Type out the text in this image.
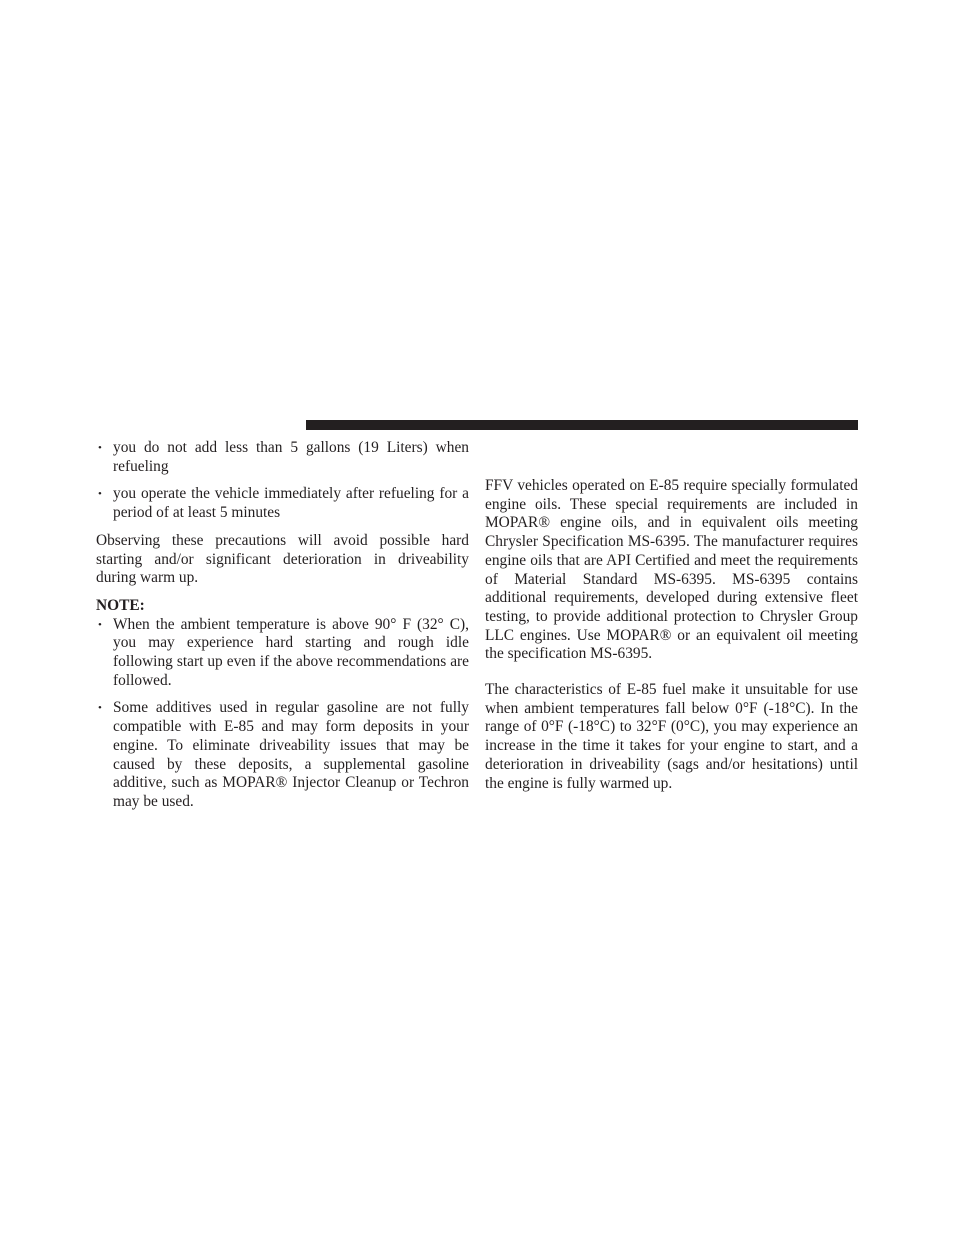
• you do not add less than 5 gallons (19 Liters) when refueling
• you operate the vehicle immediately after refueling for a period of at least 5 minutes

Observing these precautions will avoid possible hard starting and/or significant deterioration in driveability during warm up.

NOTE:

• When the ambient temperature is above 90° F (32° C), you may experience hard starting and rough idle following start up even if the above recommendations are followed.
• Some additives used in regular gasoline are not fully compatible with E-85 and may form deposits in your engine. To eliminate driveability issues that may be caused by these deposits, a supplemental gasoline additive, such as MOPAR® Injector Cleanup or Techron may be used.

FFV vehicles operated on E-85 require specially formulated engine oils. These special requirements are included in MOPAR® engine oils, and in equivalent oils meeting Chrysler Specification MS-6395. The manufacturer requires engine oils that are API Certified and meet the requirements of Material Standard MS-6395. MS-6395 contains additional requirements, developed during extensive fleet testing, to provide additional protection to Chrysler Group LLC engines. Use MOPAR® or an equivalent oil meeting the specification MS-6395.

The characteristics of E-85 fuel make it unsuitable for use when ambient temperatures fall below 0°F (-18°C). In the range of 0°F (-18°C) to 32°F (0°C), you may experience an increase in the time it takes for your engine to start, and a deterioration in driveability (sags and/or hesitations) until the engine is fully warmed up.
